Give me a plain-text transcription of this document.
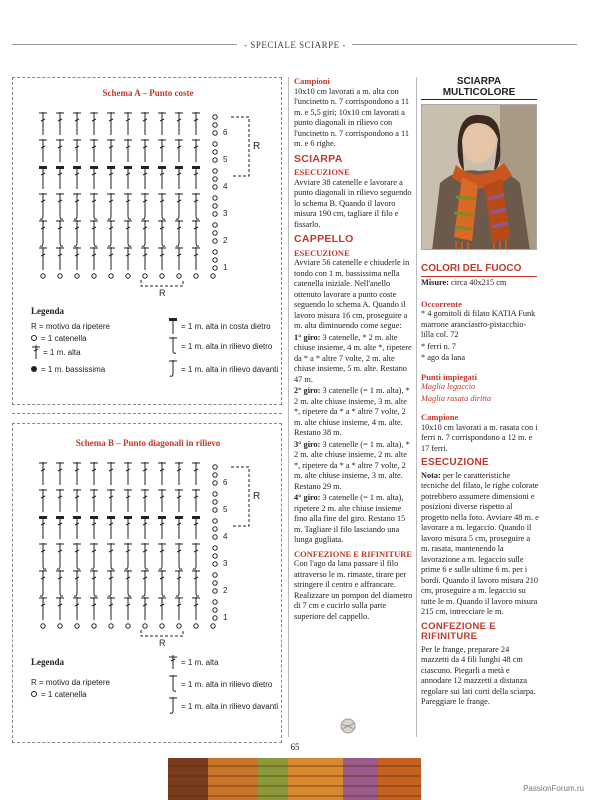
- SPECIALE SCIARPE -
Schema A – Punto coste
6
5
4
3
2
1
R
R
Legenda
R = motivo da ripetere
= 1 catenella
= 1 m. alta
= 1 m. bassissima
= 1 m. alta in costa dietro
= 1 m. alta in rilievo dietro
= 1 m. alta in rilievo davanti
Schema B – Punto diagonali in rilievo
6
5
4
3
2
1
R
R
Legenda
R = motivo da ripetere
= 1 catenella
= 1 m. alta
= 1 m. alta in rilievo dietro
= 1 m. alta in rilievo davanti
Campioni

10x10 cm lavorati a m. alta con l'uncinetto n. 7 corrispondono a 11 m. e 5,5 giri; 10x10 cm lavorati a punto diagonali in rilievo con l'uncinetto n. 7 corrispondono a 11 m. e 6 righe.

SCIARPA
ESECUZIONE

Avviare 38 catenelle e lavorare a punto diagonali in rilievo seguendo lo schema B. Quando il lavoro misura 190 cm, tagliare il filo e fissarlo.

CAPPELLO
ESECUZIONE

Avviare 56 catenelle e chiuderle in tondo con 1 m. bassissima nella catenella iniziale. Nell'anello ottenuto lavorare a punto coste seguendo lo schema A. Quando il lavoro misura 16 cm, proseguire a m. alta diminuendo come segue:

1° giro: 3 catenelle, * 2 m. alte chiuse insieme, 4 m. alte *, ripetere da * a * altre 7 volte, 2 m. alte chiuse insieme, 5 m. alte. Restano 47 m.

2° giro: 3 catenelle (= 1 m. alta), * 2 m. alte chiuse insieme, 3 m. alte *, ripetere da * a * altre 7 volte, 2 m. alte chiuse insieme, 4 m. alte. Restano 38 m.

3° giro: 3 catenelle (= 1 m. alta), * 2 m. alte chiuse insieme, 2 m. alte *, ripetere da * a * altre 7 volte, 2 m. alte chiuse insieme, 3 m. alte. Restano 29 m.

4° giro: 3 catenelle (= 1 m. alta), ripetere 2 m. alte chiuse insieme fino alla fine del giro. Restano 15 m. Tagliare il filo lasciando una lunga gugliata.

CONFEZIONE E RIFINITURE

Con l'ago da lana passare il filo attraverso le m. rimaste, tirare per stringere il centro e affrancare. Realizzare un pompon del diametro di 7 cm e cucirlo sulla parte superiore del cappello.

SCIARPA
MULTICOLORE
COLORI DEL FUOCO

Misure: circa 40x215 cm

Occorrente

* 4 gomitoli di filato KATIA Funk marrone aranciastro-pistacchio-lilla col. 72

* ferri n. 7

* ago da lana

Punti impiegati

Maglia legaccio

Maglia rasata diritta

Campione

10x10 cm lavorati a m. rasata con i ferri n. 7 corrispondono a 12 m. e 17 ferri.

ESECUZIONE

Nota: per le caratteristiche tecniche del filato, le righe colorate potrebbero assumere dimensioni e posizioni diverse rispetto al progetto nella foto. Avviare 48 m. e lavorare a m. legaccio. Quando il lavoro misura 5 cm, proseguire a m. rasata, mantenendo la lavorazione a m. legaccio sulle prime 6 e sulle ultime 6 m. per i bordi. Quando il lavoro misura 210 cm, proseguire a m. legaccio su tutte le m. Quando il lavoro misura 215 cm, intrecciare le m.

CONFEZIONE E RIFINITURE

Per le frange, preparare 24 mazzetti da 4 fili lunghi 48 cm ciascuno. Piegarli a metà e annodare 12 mazzetti a distanza regolare sui lati corti della sciarpa. Pareggiare le frange.

65
PassionForum.ru
